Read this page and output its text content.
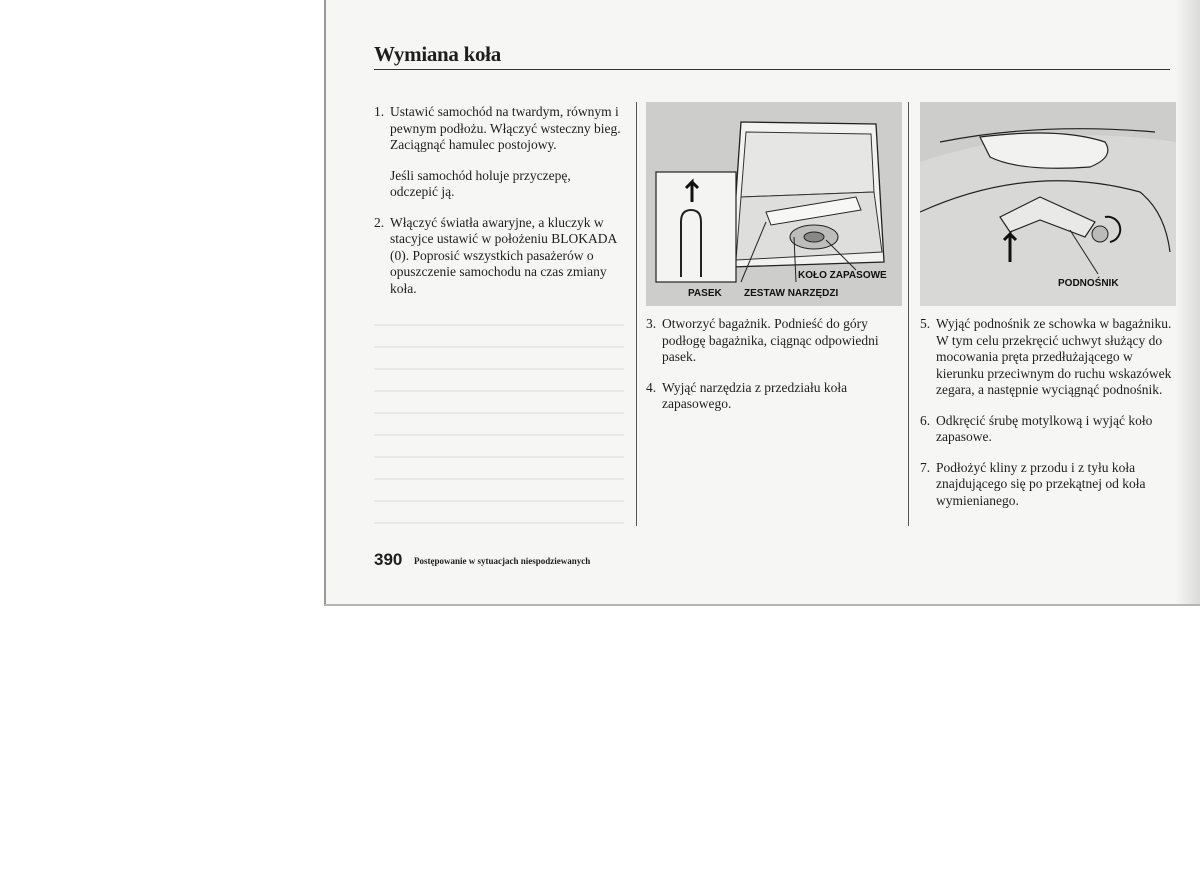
Wymiana koła
1. Ustawić samochód na twardym, równym i pewnym podłożu. Włączyć wsteczny bieg. Zaciągnąć hamulec postojowy.

Jeśli samochód holuje przyczepę, odczepić ją.

2. Włączyć światła awaryjne, a kluczyk w stacyjce ustawić w położeniu BLOKADA (0). Poprosić wszystkich pasażerów o opuszczenie samochodu na czas zmiany koła.
KOŁO ZAPASOWE
PASEK ZESTAW NARZĘDZI
3. Otworzyć bagażnik. Podnieść do góry podłogę bagażnika, ciągnąc odpowiedni pasek.
4. Wyjąć narzędzia z przedziału koła zapasowego.
PODNOŚNIK
5. Wyjąć podnośnik ze schowka w bagażniku. W tym celu przekręcić uchwyt służący do mocowania pręta przedłużającego w kierunku przeciwnym do ruchu wskazówek zegara, a następnie wyciągnąć podnośnik.
6. Odkręcić śrubę motylkową i wyjąć koło zapasowe.
7. Podłożyć kliny z przodu i z tyłu koła znajdującego się po przekątnej od koła wymienianego.
390 Postępowanie w sytuacjach niespodziewanych
